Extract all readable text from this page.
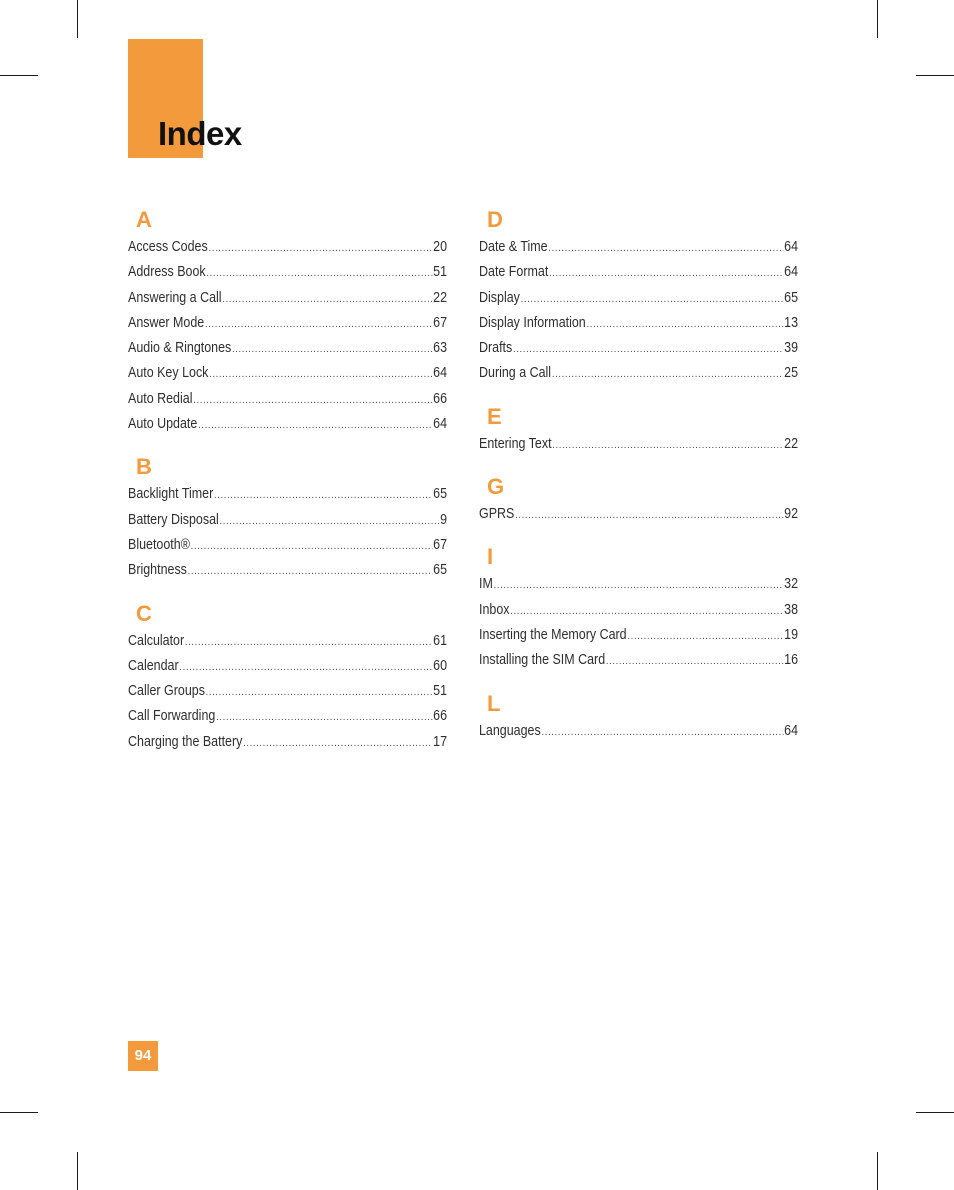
Index
A
Access Codes .....	20
Address Book .....	51
Answering a Call .....	22
Answer Mode .....	67
Audio & Ringtones .....	63
Auto Key Lock .....	64
Auto Redial .....	66
Auto Update .....	64
B
Backlight Timer .....	65
Battery Disposal .....	9
Bluetooth® .....	67
Brightness .....	65
C
Calculator .....	61
Calendar .....	60
Caller Groups .....	51
Call Forwarding .....	66
Charging the Battery .....	17
D
Date & Time .....	64
Date Format .....	64
Display .....	65
Display Information .....	13
Drafts .....	39
During a Call .....	25
E
Entering Text .....	22
G
GPRS .....	92
I
IM .....	32
Inbox .....	38
Inserting the Memory Card .....	19
Installing the SIM Card .....	16
L
Languages .....	64
94
